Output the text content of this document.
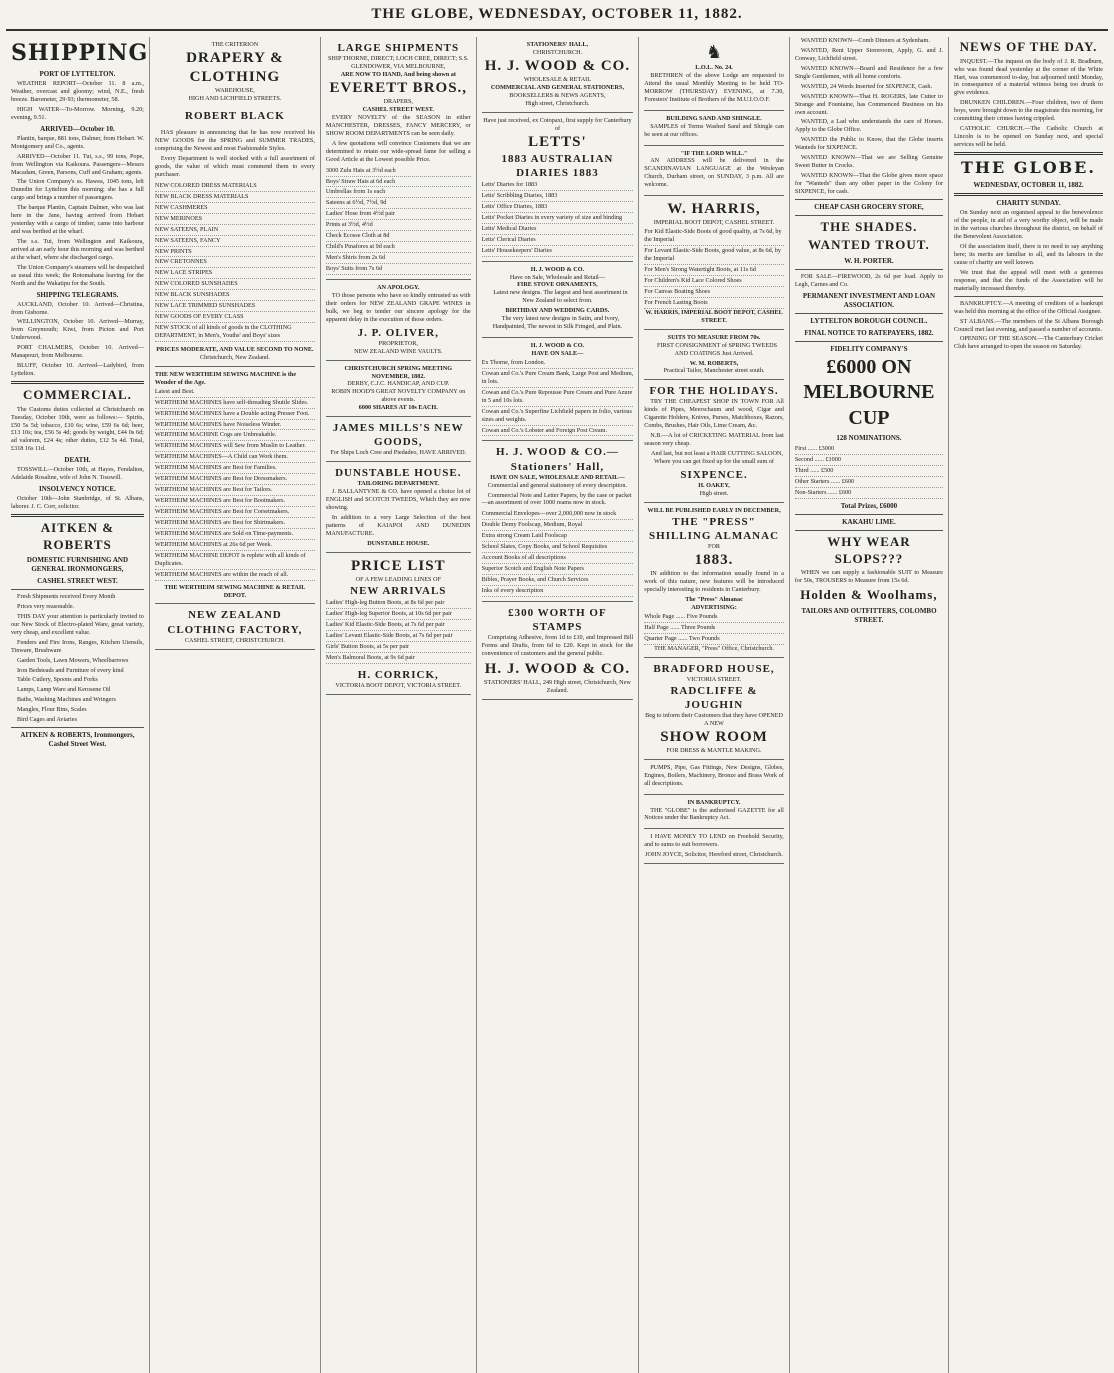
THE GLOBE, WEDNESDAY, OCTOBER 11, 1882.
SHIPPING
PORT OF LYTTELTON.

WEATHER REPORT—October 11. 8 a.m., Weather, overcast and gloomy; wind, N.E., fresh breeze. Barometer, 29·93; thermometer, 58.

HIGH WATER—To-Morrow. Morning, 9.20; evening, 9.51.

ARRIVED—October 10.

Plantin, barque, 881 tons, Dalmer, from Hobart. W. Montgomery and Co., agents.

ARRIVED—October 11. Tui, s.s., 99 tons, Pope, from Wellington via Kaikoura. Passengers—Messrs Macadam, Green, Parsons, Cuff and Graham; agents.

The Union Company's ss. Hawea, 1045 tons, left Dunedin for Lyttelton this morning; she has a full cargo and brings a number of passengers.

The barque Plantin, Captain Dalmer, who was last here in the Jane, having arrived from Hobart yesterday with a cargo of timber, came into harbour and was berthed at the wharf.

The s.s. Tui, from Wellington and Kaikoura, arrived at an early hour this morning and was berthed at the wharf, where she discharged cargo.

The Union Company's steamers will be despatched as usual this week; the Rotomahana leaving for the North and the Wakatipu for the South.

SHIPPING TELEGRAMS.

AUCKLAND, October 10. Arrived—Christina, from Gisborne.

WELLINGTON, October 10. Arrived—Murray, from Greymouth; Kiwi, from Picton and Port Underwood.

PORT CHALMERS, October 10. Arrived—Manapouri, from Melbourne.

BLUFF, October 10. Arrived—Ladybird, from Lyttelton.

COMMERCIAL.

The Customs duties collected at Christchurch on Tuesday, October 10th, were as follows:— Spirits, £50 5s 5d; tobacco, £10 6s; wine, £59 6s 6d; beer, £13 10s; tea, £56 5s 4d; goods by weight, £44 0s 6d; ad valorem, £24 4s; other duties, £12 5s 4d. Total, £318 16s 11d.

DEATH.

TOSSWILL—October 10th, at Hayes, Fendalton, Adelaide Rosaline, wife of John N. Tosswill.

INSOLVENCY NOTICE.

October 10th—John Stanbridge, of St. Albans, laborer. J. C. Corr, solicitor.

AITKEN & ROBERTS
DOMESTIC FURNISHING AND GENERAL IRONMONGERS,
CASHEL STREET WEST.

Fresh Shipments received Every Month

Prices very reasonable.

THIS DAY your attention is particularly invited to our New Stock of Electro-plated Ware, great variety, very cheap, and excellent value.

Fenders and Fire Irons, Ranges, Kitchen Utensils, Tinware, Brushware

Garden Tools, Lawn Mowers, Wheelbarrows

Iron Bedsteads and Furniture of every kind

Table Cutlery, Spoons and Forks

Lamps, Lamp Ware and Kerosene Oil

Baths, Washing Machines and Wringers

Mangles, Flour Bins, Scales

Bird Cages and Aviaries

AITKEN & ROBERTS, Ironmongers, Cashel Street West.
THE CRITERION
DRAPERY & CLOTHING
WAREHOUSE,
HIGH AND LICHFIELD STREETS.
ROBERT BLACK

HAS pleasure in announcing that he has now received his NEW GOODS for the SPRING and SUMMER TRADES, comprising the Newest and most Fashionable Styles.

Every Department is well stocked with a full assortment of goods, the value of which must commend them to every purchaser.

NEW COLORED DRESS MATERIALS
NEW BLACK DRESS MATERIALS
NEW CASHMERES
NEW MERINOES
NEW SATEENS, PLAIN
NEW SATEENS, FANCY
NEW PRINTS
NEW CRETONNES
NEW LACE STRIPES
NEW COLORED SUNSHADES
NEW BLACK SUNSHADES
NEW LACE TRIMMED SUNSHADES
NEW GOODS OF EVERY CLASS
NEW STOCK of all kinds of goods in the CLOTHING DEPARTMENT, in Men's, Youths' and Boys' sizes
PRICES MODERATE, AND VALUE SECOND TO NONE.
Christchurch, New Zealand.
THE NEW WERTHEIM SEWING MACHINE is the Wonder of the Age.
Latest and Best.
WERTHEIM MACHINES have self-threading Shuttle Slides.
WERTHEIM MACHINES have a Double acting Presser Foot.
WERTHEIM MACHINES have Noiseless Winder.
WERTHEIM MACHINE Cogs are Unbreakable.
WERTHEIM MACHINES will Sew from Muslin to Leather.
WERTHEIM MACHINES—A Child can Work them.
WERTHEIM MACHINES are Best for Families.
WERTHEIM MACHINES are Best for Dressmakers.
WERTHEIM MACHINES are Best for Tailors.
WERTHEIM MACHINES are Best for Bootmakers.
WERTHEIM MACHINES are Best for Corsetmakers.
WERTHEIM MACHINES are Best for Shirtmakers.
WERTHEIM MACHINES are Sold on Time-payments.
WERTHEIM MACHINES at 26s 6d per Week.
WERTHEIM MACHINE DEPOT is replete with all kinds of Duplicates.
WERTHEIM MACHINES are within the reach of all.
THE WERTHEIM SEWING MACHINE & RETAIL DEPOT.
NEW ZEALAND CLOTHING FACTORY,
CASHEL STREET, CHRISTCHURCH.
LARGE SHIPMENTS
SHIP THORNE, DIRECT; LOCH CREE, DIRECT; S.S. GLENDOWER, VIA MELBOURNE,
ARE NOW TO HAND, And being shown at
EVERETT BROS.,
DRAPERS,
CASHEL STREET WEST.

EVERY NOVELTY of the SEASON in either MANCHESTER, DRESSES, FANCY MERCERY, or SHOW ROOM DEPARTMENTS can be seen daily.

A few quotations will convince Customers that we are determined to retain our wide-spread fame for selling a Good Article at the Lowest possible Price.

3000 Zulu Hats at 3½d each
Boys' Straw Hats at 6d each
Umbrellas from 1s each
Sateens at 6½d, 7½d, 9d
Ladies' Hose from 4½d pair
Prints at 3½d, 4½d
Check Ecosse Cloth at 8d
Child's Pinafores at 9d each
Men's Shirts from 2s 6d
Boys' Suits from 7s 6d
AN APOLOGY.

TO those persons who have so kindly entrusted us with their orders for NEW ZEALAND GRAPE WINES in bulk, we beg to tender our sincere apology for the apparent delay in the execution of those orders.

J. P. OLIVER,
PROPRIETOR,
NEW ZEALAND WINE VAULTS.
CHRISTCHURCH SPRING MEETING NOVEMBER, 1882.
DERBY, C.J.C. HANDICAP, AND CUP.
ROBIN HOOD'S GREAT NOVELTY COMPANY on above events.
6000 SHARES AT 10s EACH.
JAMES MILLS'S NEW GOODS,
For Ships Loch Cree and Piedadeo, HAVE ARRIVED.
DUNSTABLE HOUSE.
TAILORING DEPARTMENT.

J. BALLANTYNE & CO. have opened a choice lot of ENGLISH and SCOTCH TWEEDS, Which they are now showing.

In addition to a very Large Selection of the best patterns of KAIAPOI AND DUNEDIN MANUFACTURE.

DUNSTABLE HOUSE.
PRICE LIST
OF A FEW LEADING LINES OF
NEW ARRIVALS
Ladies' High-leg Button Boots, at 8s 6d per pair
Ladies' High-leg Superior Boots, at 10s 6d per pair
Ladies' Kid Elastic-Side Boots, at 7s 6d per pair
Ladies' Levant Elastic-Side Boots, at 7s 6d per pair
Girls' Button Boots, at 5s per pair
Men's Balmoral Boots, at 9s 6d pair
H. CORRICK,
VICTORIA BOOT DEPOT, VICTORIA STREET.
STATIONERS' HALL,
CHRISTCHURCH.
H. J. WOOD & CO.
WHOLESALE & RETAIL
COMMERCIAL AND GENERAL STATIONERS,
BOOKSELLERS & NEWS AGENTS,
High street, Christchurch.
Have just received, ex Cotopaxi, first supply for Canterbury of
LETTS'
1883 AUSTRALIAN DIARIES 1883
Letts' Diaries for 1883
Letts' Scribbling Diaries, 1883
Letts' Office Diaries, 1883
Letts' Pocket Diaries in every variety of size and binding
Letts' Medical Diaries
Letts' Clerical Diaries
Letts' Housekeepers' Diaries
H. J. WOOD & CO.
Have on Sale, Wholesale and Retail—
FIRE STOVE ORNAMENTS,

Latest new designs. The largest and best assortment in New Zealand to select from.

BIRTHDAY AND WEDDING CARDS.

The very latest new designs in Satin, and Ivory, Handpainted, The newest in Silk Fringed, and Plain.

H. J. WOOD & CO.
HAVE ON SALE—
Ex Thorne, from London.
Cowan and Co.'s Pure Cream Bank, Large Post and Medium, in lots.
Cowan and Co.'s Pure Repousse Pure Cream and Pure Azure in 5 and 10s lots.
Cowan and Co.'s Superfine Lichfield papers in folio, various sizes and weights.
Cowan and Co.'s Lobster and Foreign Post Cream.
H. J. WOOD & CO.— Stationers' Hall,
HAVE ON SALE, WHOLESALE AND RETAIL—

Commercial and general stationery of every description.

Commercial Note and Letter Papers, by the case or packet—an assortment of over 1000 reams now in stock.

Commercial Envelopes—over 2,000,000 now in stock
Double Demy Foolscap, Medium, Royal
Extra strong Cream Laid Foolscap
School Slates, Copy Books, and School Requisites
Account Books of all descriptions
Superior Scotch and English Note Papers
Bibles, Prayer Books, and Church Services
Inks of every description
£300 WORTH OF STAMPS

Comprising Adhesive, from 1d to £10, and Impressed Bill Forms and Drafts, from 6d to £20. Kept in stock for the convenience of customers and the general public.

H. J. WOOD & CO.
STATIONERS' HALL, 249 High street, Christchurch, New Zealand.
♞
L.O.L. No. 24.

BRETHREN of the above Lodge are requested to Attend the usual Monthly Meeting to be held TO-MORROW (THURSDAY) EVENING, at 7.30, Foresters' Institute of Brothers of the M.U.I.O.O.F.

BUILDING SAND AND SHINGLE.

SAMPLES of Terms Washed Sand and Shingle can be seen at our offices.

"IF THE LORD WILL."

AN ADDRESS will be delivered in the SCANDINAVIAN LANGUAGE at the Wesleyan Church, Durham street, on SUNDAY, 3 p.m. All are welcome.

W. HARRIS,
IMPERIAL BOOT DEPOT, CASHEL STREET.
For Kid Elastic-Side Boots of good quality, at 7s 6d, by the Imperial
For Levant Elastic-Side Boots, good value, at 8s 6d, by the Imperial
For Men's Strong Watertight Boots, at 11s 6d
For Children's Kid Lace Colored Shoes
For Canvas Boating Shoes
For French Lasting Boots
W. HARRIS, IMPERIAL BOOT DEPOT, CASHEL STREET.
SUITS TO MEASURE FROM 70s.

FIRST CONSIGNMENT of SPRING TWEEDS AND COATINGS Just Arrived.

W. M. ROBERTS,
Practical Tailor, Manchester street south.
FOR THE HOLIDAYS.

TRY THE CHEAPEST SHOP IN TOWN FOR All kinds of Pipes, Meerschaum and wood, Cigar and Cigarette Holders, Knives, Purses, Matchboxes, Razors, Combs, Brushes, Hair Oils, Lime Cream, &c.

N.B.—A lot of CRICKETING MATERIAL from last season very cheap.

And last, but not least a HAIR CUTTING SALOON, Where you can get fixed up for the small sum of

SIXPENCE.
H. OAKEY,
High street.
WILL BE PUBLISHED EARLY IN DECEMBER,
THE "PRESS" SHILLING ALMANAC
FOR
1883.

IN addition to the information usually found in a work of this nature, new features will be introduced specially interesting to residents in Canterbury.

The "Press" Almanac
ADVERTISING:
Whole Page ...... Five Pounds
Half Page ...... Three Pounds
Quarter Page ...... Two Pounds
THE MANAGER, "Press" Office, Christchurch.
BRADFORD HOUSE,
VICTORIA STREET.
RADCLIFFE & JOUGHIN
Beg to inform their Customers that they have OPENED A NEW
SHOW ROOM
FOR DRESS & MANTLE MAKING.

PUMPS, Pipe, Gas Fittings, New Designs, Globes, Engines, Boilers, Machinery, Bronze and Brass Work of all descriptions.

IN BANKRUPTCY.

THE "GLOBE" is the authorised GAZETTE for all Notices under the Bankruptcy Act.

I HAVE MONEY TO LEND on Freehold Security, and to sums to suit borrowers.

JOHN JOYCE, Solicitor, Hereford street, Christchurch.

WANTED KNOWN—Comb Dinners at Sydenham.

WANTED, Rent Upper Storeroom, Apply, G. and J. Conway, Lichfield street.

WANTED KNOWN—Board and Residence for a few Single Gentlemen, with all home comforts.

WANTED, 24 Words Inserted for SIXPENCE, Cash.

WANTED KNOWN—That H. ROGERS, late Cutter to Strange and Fountaine, has Commenced Business on his own account.

WANTED, a Lad who understands the care of Horses. Apply to the Globe Office.

WANTED the Public to Know, that the Globe inserts Wanteds for SIXPENCE.

WANTED KNOWN—That we are Selling Genuine Sweet Butter in Crocks.

WANTED KNOWN—That the Globe gives more space for "Wanteds" than any other paper in the Colony for SIXPENCE, for cash.

CHEAP CASH GROCERY STORE,
THE SHADES.
WANTED TROUT.
W. H. PORTER.

FOR SALE—FIREWOOD, 2s 6d per load. Apply to Legh, Carnes and Co.

PERMANENT INVESTMENT AND LOAN ASSOCIATION.
LYTTELTON BOROUGH COUNCIL.
FINAL NOTICE TO RATEPAYERS, 1882.
FIDELITY COMPANY'S
£6000 ON MELBOURNE CUP
128 NOMINATIONS.
First ...... £3000
Second ...... £1000
Third ...... £500
Other Starters ...... £600
Non-Starters ...... £600
Total Prizes, £6000
KAKAHU LIME.
WHY WEAR SLOPS???

WHEN we can supply a fashionable SUIT to Measure for 50s, TROUSERS to Measure from 15s 6d.

Holden & Woolhams,
TAILORS AND OUTFITTERS, COLOMBO STREET.
NEWS OF THE DAY.

INQUEST.—The inquest on the body of J. R. Bradburn, who was found dead yesterday at the corner of the White Hart, was commenced to-day, but adjourned until Monday, in consequence of a material witness being too drunk to give evidence.

DRUNKEN CHILDREN.—Four children, two of them boys, were brought down to the magistrate this morning, for committing their crimes having crippled.

CATHOLIC CHURCH.—The Catholic Church at Lincoln is to be opened on Sunday next, and special services will be held.

THE GLOBE.
WEDNESDAY, OCTOBER 11, 1882.
CHARITY SUNDAY.

On Sunday next an organised appeal to the benevolence of the people, in aid of a very worthy object, will be made in the various churches throughout the district, on behalf of the Benevolent Association.

Of the association itself, there is no need to say anything here; its merits are familiar to all, and its labours in the cause of charity are well known.

We trust that the appeal will meet with a generous response, and that the funds of the Association will be materially increased thereby.

BANKRUPTCY.—A meeting of creditors of a bankrupt was held this morning at the office of the Official Assignee.

ST ALBANS.—The members of the St Albans Borough Council met last evening, and passed a number of accounts.

OPENING OF THE SEASON.—The Canterbury Cricket Club have arranged to open the season on Saturday.
